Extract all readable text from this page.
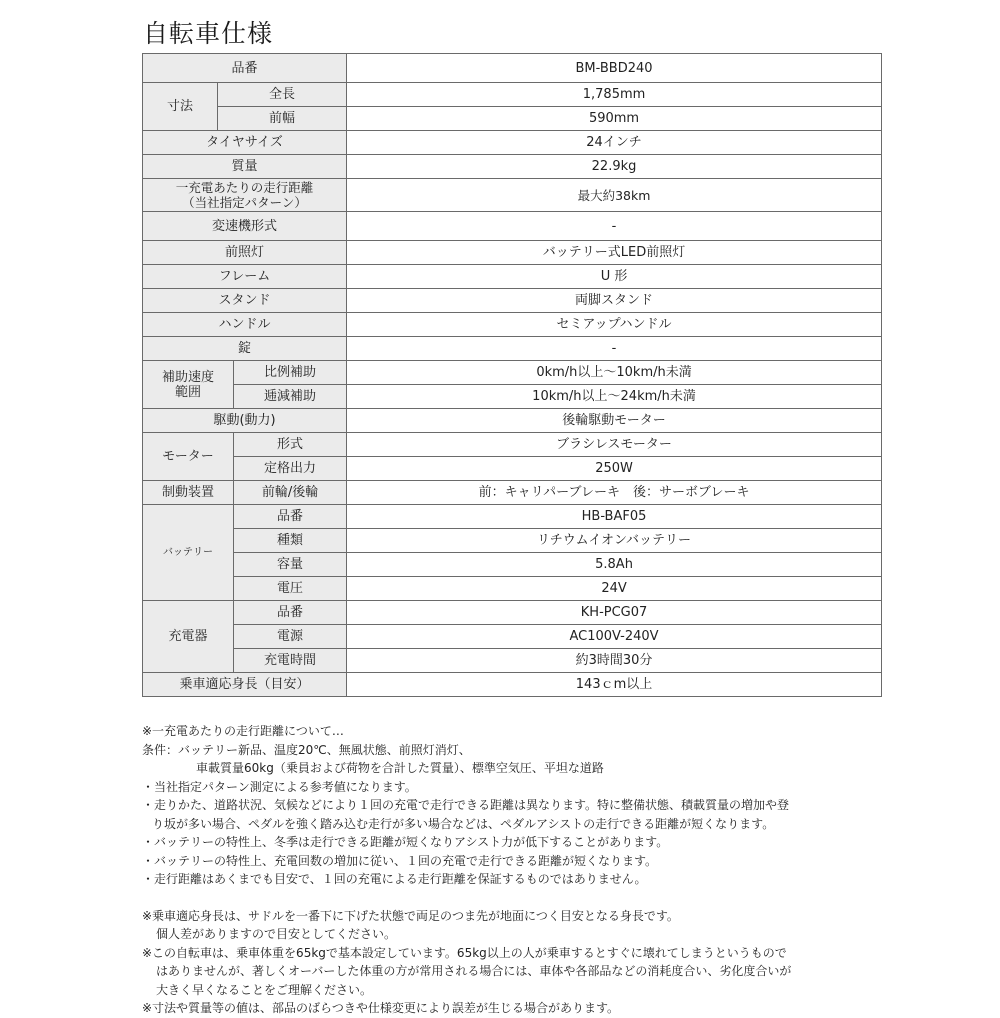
自転車仕様
品番			BM-BBD240
寸法	全長		1,785mm
	前幅		590mm
タイヤサイズ			24インチ
質量			22.9kg

一充電あたりの走行距離
（当社指定パターン）			最大約38km
変速機形式			-
前照灯			バッテリー式LED前照灯
フレーム			U 形
スタンド			両脚スタンド
ハンドル			セミアップハンドル
錠			-

補助速度
範囲		比例補助	0km/h以上〜10km/h未満
		逓減補助	10km/h以上〜24km/h未満
駆動(動力)			後輪駆動モーター
モーター		形式	ブラシレスモーター
		定格出力	250W
制動装置		前輪/後輪	前：キャリパーブレーキ　後：サーボブレーキ
バッテリー		品番	HB-BAF05
		種類	リチウムイオンバッテリー
		容量	5.8Ah
		電圧	24V
充電器		品番	KH-PCG07
		電源	AC100V-240V
		充電時間	約3時間30分
乗車適応身長（目安）			143ｃm以上
※一充電あたりの走行距離について…
条件：バッテリー新品、温度20℃、無風状態、前照灯消灯、
車載質量60kg（乗員および荷物を合計した質量）、標準空気圧、平坦な道路
・当社指定パターン測定による参考値になります。
・走りかた、道路状況、気候などにより１回の充電で走行できる距離は異なります。特に整備状態、積載質量の増加や登
り坂が多い場合、ペダルを強く踏み込む走行が多い場合などは、ペダルアシストの走行できる距離が短くなります。
・バッテリーの特性上、冬季は走行できる距離が短くなりアシスト力が低下することがあります。
・バッテリーの特性上、充電回数の増加に従い、１回の充電で走行できる距離が短くなります。
・走行距離はあくまでも目安で、１回の充電による走行距離を保証するものではありません。
※乗車適応身長は、サドルを一番下に下げた状態で両足のつま先が地面につく目安となる身長です。
個人差がありますので目安としてください。
※この自転車は、乗車体重を65kgで基本設定しています。65kg以上の人が乗車するとすぐに壊れてしまうというもので
はありませんが、著しくオーバーした体重の方が常用される場合には、車体や各部品などの消耗度合い、劣化度合いが
大きく早くなることをご理解ください。
※寸法や質量等の値は、部品のばらつきや仕様変更により誤差が生じる場合があります。
